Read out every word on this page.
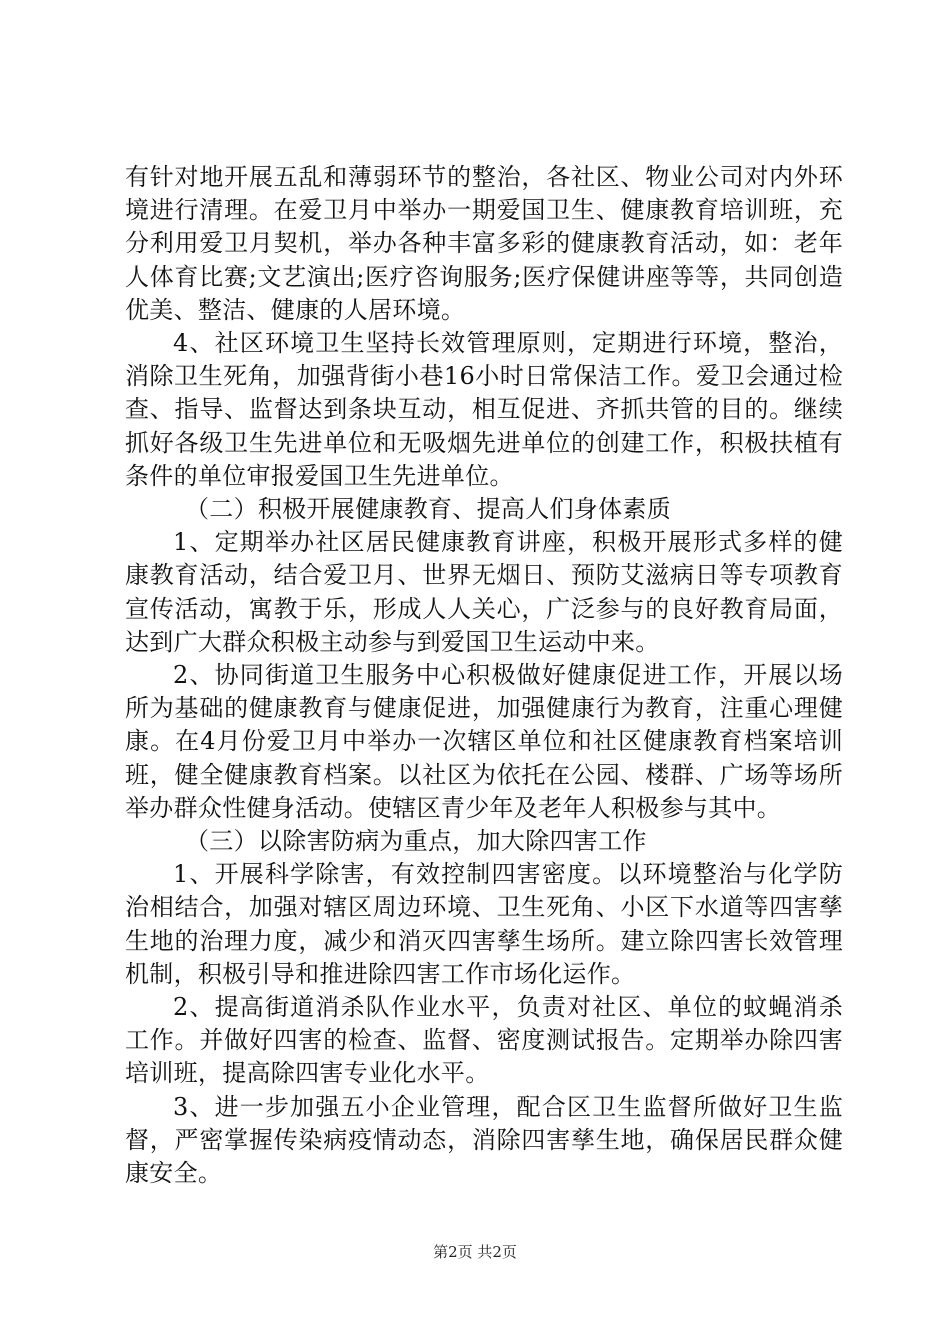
有针对地开展五乱和薄弱环节的整治，各社区、物业公司对内外环境进行清理。在爱卫月中举办一期爱国卫生、健康教育培训班，充分利用爱卫月契机，举办各种丰富多彩的健康教育活动，如：老年人体育比赛;文艺演出;医疗咨询服务;医疗保健讲座等等，共同创造优美、整洁、健康的人居环境。

4、社区环境卫生坚持长效管理原则，定期进行环境，整治，消除卫生死角，加强背街小巷16小时日常保洁工作。爱卫会通过检查、指导、监督达到条块互动，相互促进、齐抓共管的目的。继续抓好各级卫生先进单位和无吸烟先进单位的创建工作，积极扶植有条件的单位审报爱国卫生先进单位。

（二）积极开展健康教育、提高人们身体素质

1、定期举办社区居民健康教育讲座，积极开展形式多样的健康教育活动，结合爱卫月、世界无烟日、预防艾滋病日等专项教育宣传活动，寓教于乐，形成人人关心，广泛参与的良好教育局面，达到广大群众积极主动参与到爱国卫生运动中来。

2、协同街道卫生服务中心积极做好健康促进工作，开展以场所为基础的健康教育与健康促进，加强健康行为教育，注重心理健康。在4月份爱卫月中举办一次辖区单位和社区健康教育档案培训班，健全健康教育档案。以社区为依托在公园、楼群、广场等场所举办群众性健身活动。使辖区青少年及老年人积极参与其中。

（三）以除害防病为重点，加大除四害工作

1、开展科学除害，有效控制四害密度。以环境整治与化学防治相结合，加强对辖区周边环境、卫生死角、小区下水道等四害孳生地的治理力度，减少和消灭四害孳生场所。建立除四害长效管理机制，积极引导和推进除四害工作市场化运作。

2、提高街道消杀队作业水平，负责对社区、单位的蚊蝇消杀工作。并做好四害的检查、监督、密度测试报告。定期举办除四害培训班，提高除四害专业化水平。

3、进一步加强五小企业管理，配合区卫生监督所做好卫生监督，严密掌握传染病疫情动态，消除四害孳生地，确保居民群众健康安全。

第2页 共2页
